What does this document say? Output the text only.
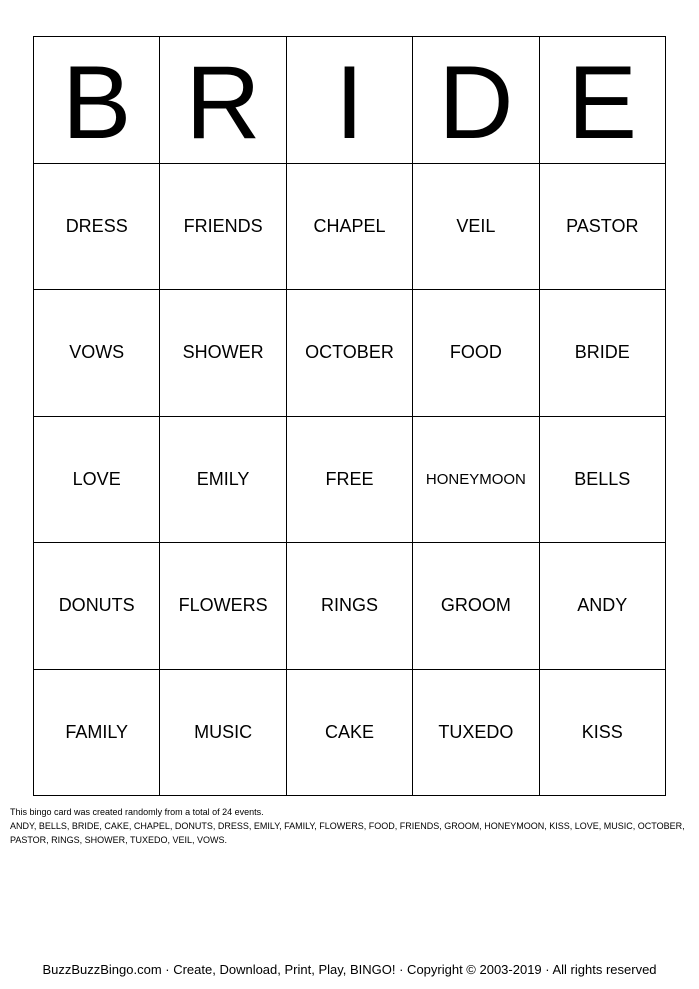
B R I D E
DRESS	FRIENDS	CHAPEL	VEIL	PASTOR
VOWS	SHOWER	OCTOBER	FOOD	BRIDE
LOVE	EMILY	FREE	HONEYMOON	BELLS
DONUTS	FLOWERS	RINGS	GROOM	ANDY
FAMILY	MUSIC	CAKE	TUXEDO	KISS
This bingo card was created randomly from a total of 24 events.
ANDY, BELLS, BRIDE, CAKE, CHAPEL, DONUTS, DRESS, EMILY, FAMILY, FLOWERS, FOOD, FRIENDS, GROOM, HONEYMOON, KISS, LOVE, MUSIC, OCTOBER, PASTOR, RINGS, SHOWER, TUXEDO, VEIL, VOWS.
BuzzBuzzBingo.com · Create, Download, Print, Play, BINGO! · Copyright © 2003-2019 · All rights reserved
